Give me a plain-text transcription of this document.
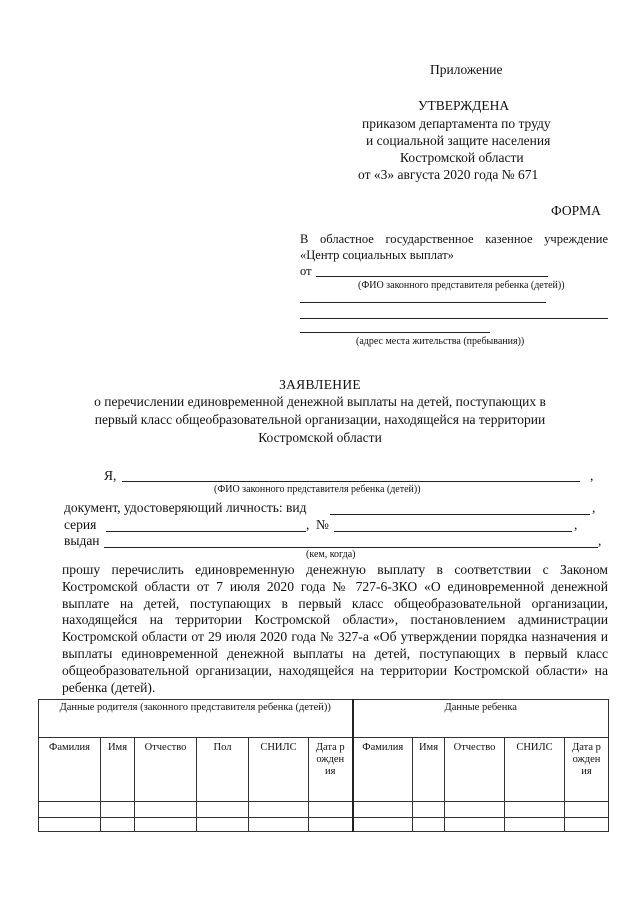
Приложение
УТВЕРЖДЕНА
приказом департамента по труду
и социальной защите населения
Костромской области
от «3» августа 2020 года № 671
ФОРМА
В областное государственное казенное учреждение
«Центр социальных выплат»
от
(ФИО законного представителя ребенка (детей))
(адрес места жительства (пребывания))
ЗАЯВЛЕНИЕ
о перечислении единовременной денежной выплаты на детей, поступающих в
первый класс общеобразовательной организации, находящейся на территории
Костромской области
Я,	,
(ФИО законного представителя ребенка (детей))
документ, удостоверяющий личность: вид	,
серия	, №	,
выдан	,
(кем, когда)
прошу перечислить единовременную денежную выплату в соответствии с Законом Костромской области от 7 июля 2020 года № 727-6-ЗКО «О единовременной денежной выплате на детей, поступающих в первый класс общеобразовательной организации, находящейся на территории Костромской области», постановлением администрации Костромской области от 29 июля 2020 года № 327-а «Об утверждении порядка назначения и выплаты единовременной денежной выплаты на детей, поступающих в первый класс общеобразовательной организации, находящейся на территории Костромской области» на ребенка (детей).
Данные родителя (законного представителя ребенка (детей))						Данные ребенка				
Фамилия	Имя	Отчество	Пол	СНИЛС	Дата рождения	Фамилия	Имя	Отчество	СНИЛС	Дата рождения
